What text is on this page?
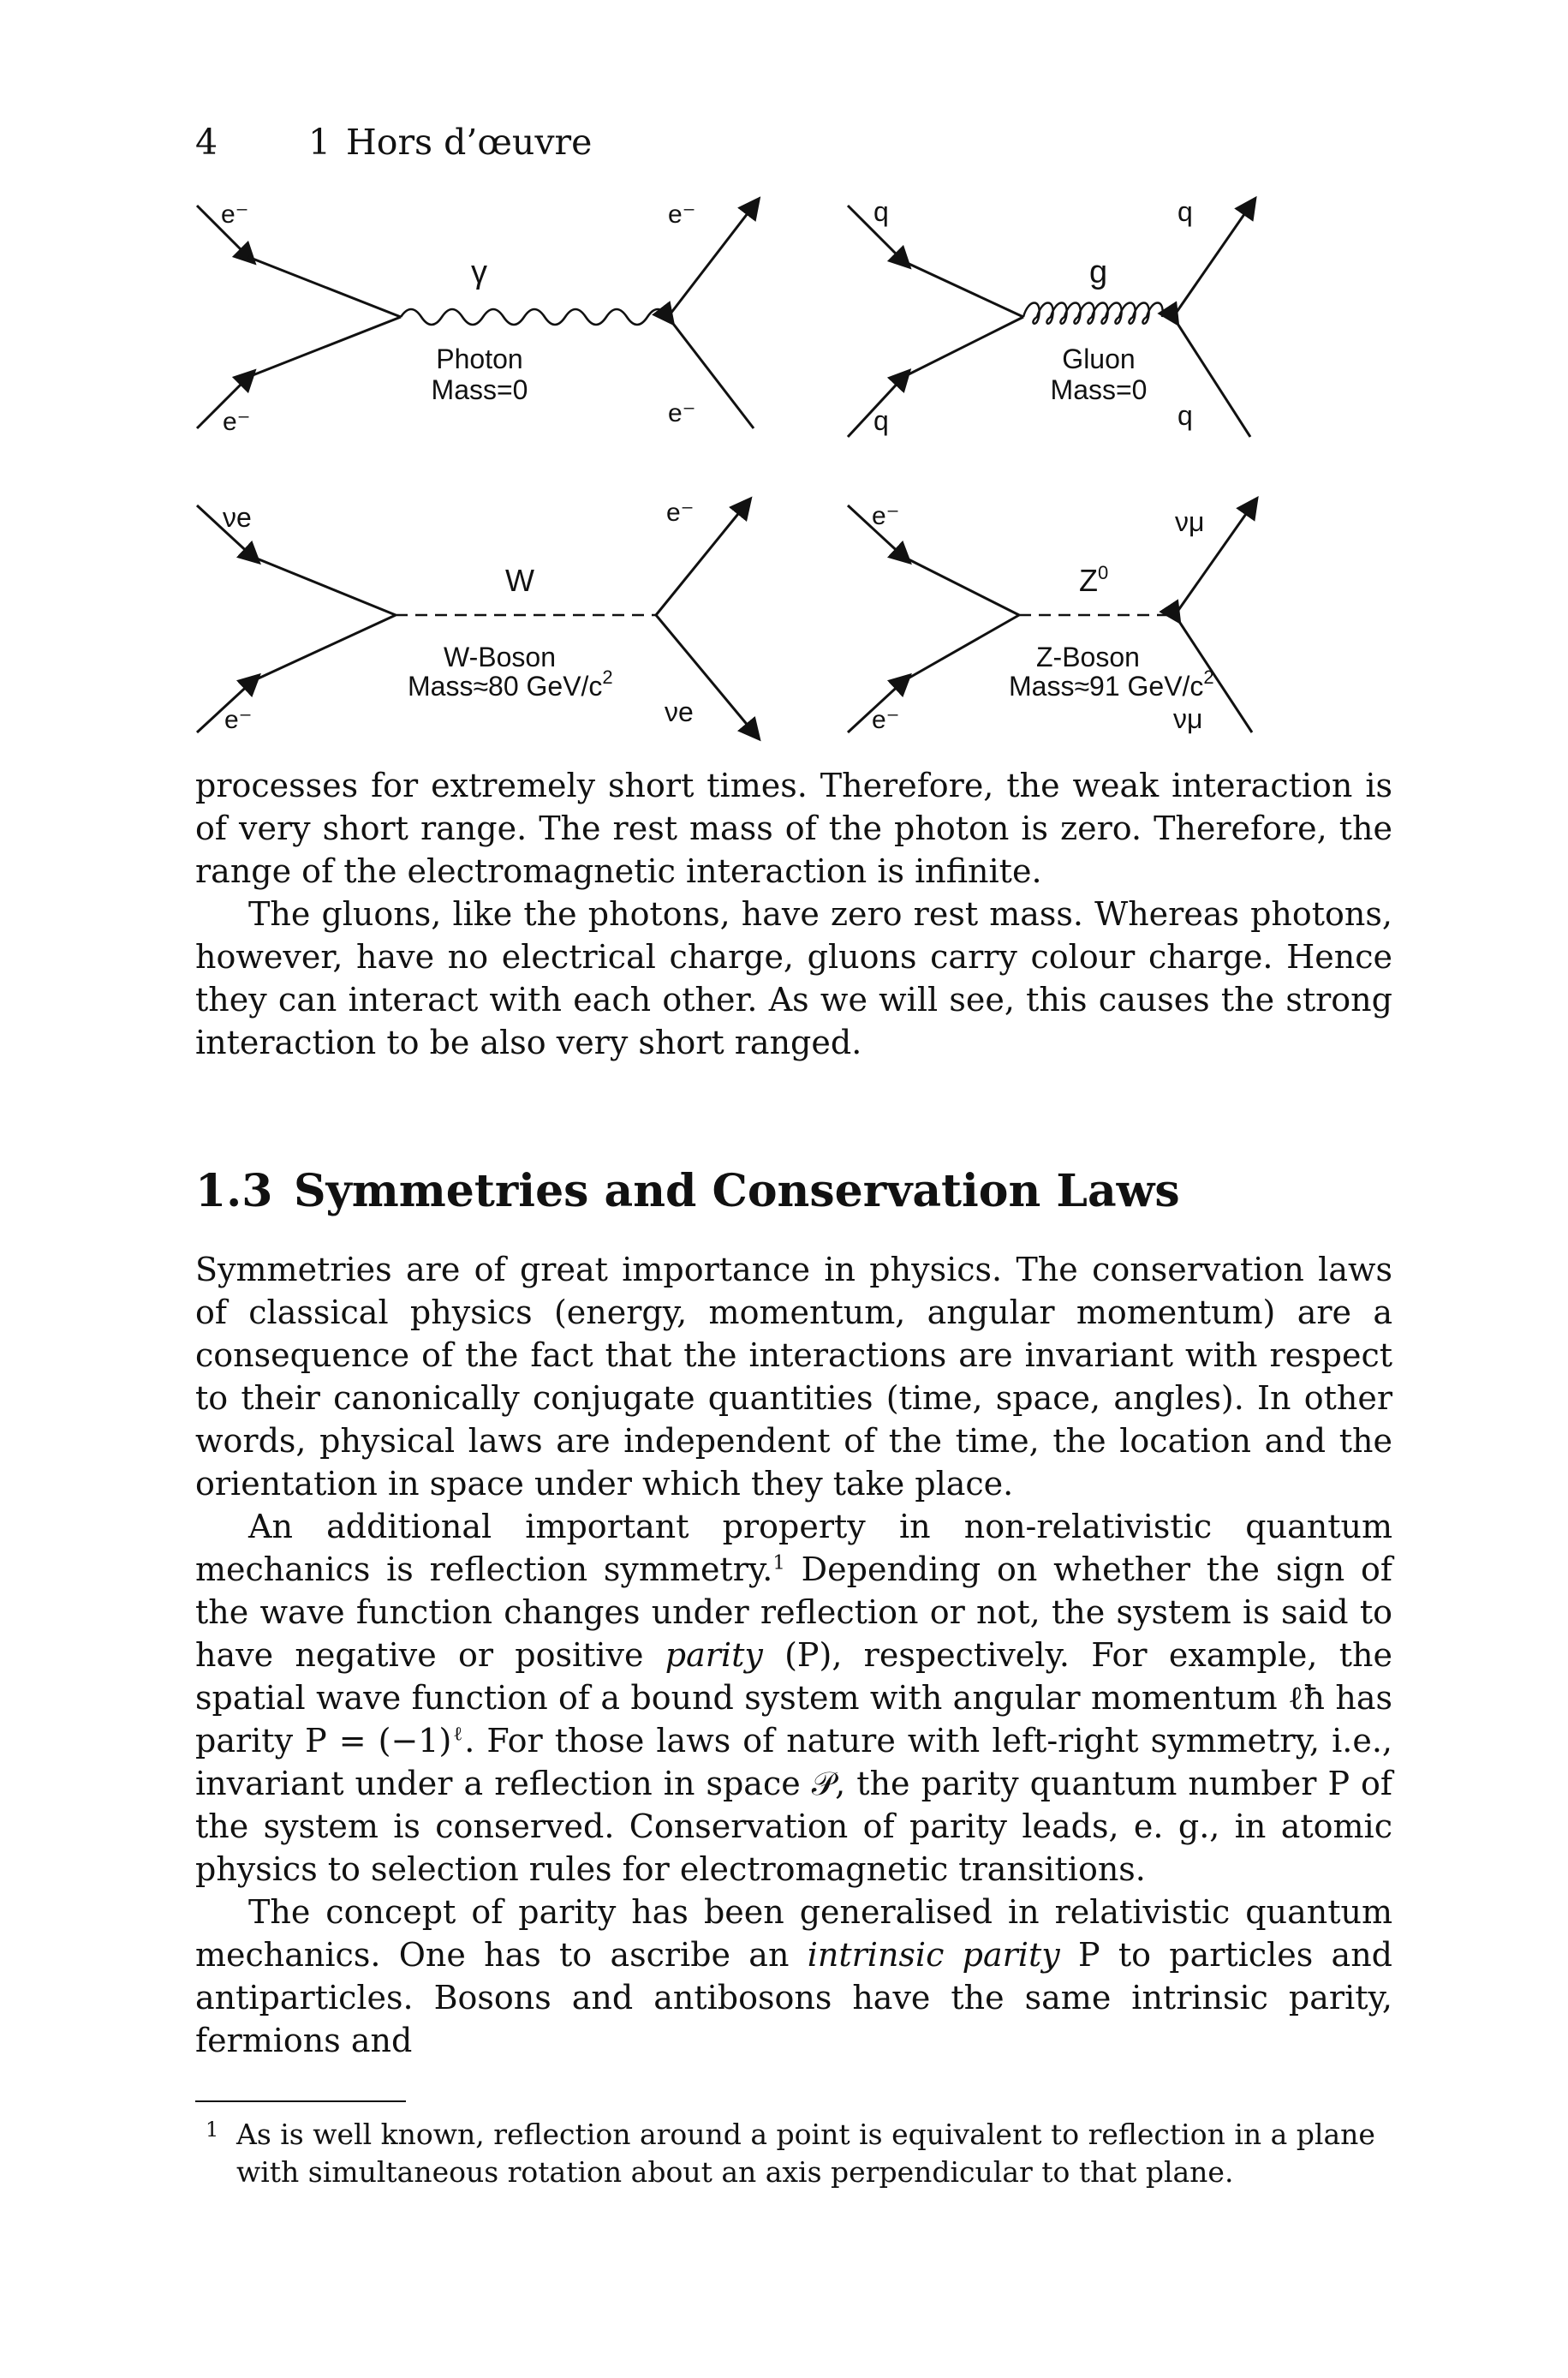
4	1 Hors d’œuvre
e⁻
e⁻
e⁻
e⁻
γ
Photon
Mass=0
q
q
q
q
g
Gluon
Mass=0
νe
e⁻
e⁻
νe
W
W-Boson
Mass≈80 GeV/$c^2$
e⁻
e⁻
νμ
νμ
$Z^0$
Z-Boson
Mass≈91 GeV/$c^2$

processes for extremely short times. Therefore, the weak interaction is of very short range. The rest mass of the photon is zero. Therefore, the range of the electromagnetic interaction is infinite.

The gluons, like the photons, have zero rest mass. Whereas photons, however, have no electrical charge, gluons carry colour charge. Hence they can interact with each other. As we will see, this causes the strong interaction to be also very short ranged.

1.3 Symmetries and Conservation Laws

Symmetries are of great importance in physics. The conservation laws of classical physics (energy, momentum, angular momentum) are a consequence of the fact that the interactions are invariant with respect to their canonically conjugate quantities (time, space, angles). In other words, physical laws are independent of the time, the location and the orientation in space under which they take place.

An additional important property in non-relativistic quantum mechanics is reflection symmetry.$^1$ Depending on whether the sign of the wave function changes under reflection or not, the system is said to have negative or positive parity (P), respectively. For example, the spatial wave function of a bound system with angular momentum ℓħ has parity $P = (-1)^\ell$. For those laws of nature with left-right symmetry, i.e., invariant under a reflection in space 𝒫, the parity quantum number P of the system is conserved. Conservation of parity leads, e. g., in atomic physics to selection rules for electromagnetic transitions.

The concept of parity has been generalised in relativistic quantum mechanics. One has to ascribe an intrinsic parity P to particles and antiparticles. Bosons and antibosons have the same intrinsic parity, fermions and

1 As is well known, reflection around a point is equivalent to reflection in a plane with simultaneous rotation about an axis perpendicular to that plane.
